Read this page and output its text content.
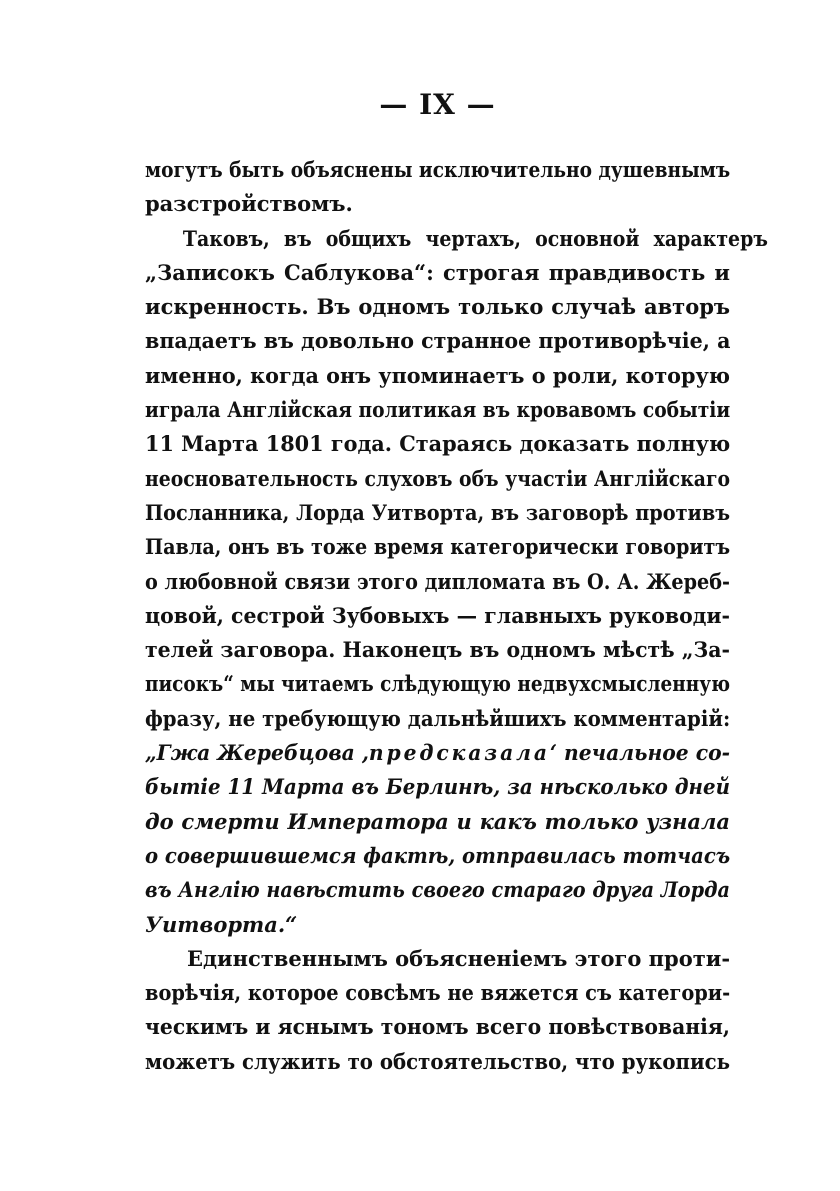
— IX —
могутъ быть объяснены исключительно душевнымъ
разстройствомъ.
Таковъ, въ общихъ чертахъ, основной характеръ
„Записокъ Саблукова“: строгая правдивость и
искренность. Въ одномъ только случаѣ авторъ
впадаетъ въ довольно странное противорѣчіе, а
именно, когда онъ упоминаетъ о роли, которую
играла Англійская политикая въ кровавомъ событіи
11 Марта 1801 года. Стараясь доказать полную
неосновательность слуховъ объ участіи Англійскаго
Посланника, Лорда Уитворта, въ заговорѣ противъ
Павла, онъ въ тоже время категорически говоритъ
о любовной связи этого дипломата въ О. А. Жереб-
цовой, сестрой Зубовыхъ — главныхъ руководи-
телей заговора. Наконецъ въ одномъ мѣстѣ „За-
писокъ“ мы читаемъ слѣдующую недвухсмысленную
фразу, не требующую дальнѣйшихъ комментарій:
„Гжа Жеребцова ,предсказала‘ печальное со-
бытіе 11 Марта въ Берлинѣ, за нѣсколько дней
до смерти Императора и какъ только узнала
о совершившемся фактѣ, отправилась тотчасъ
въ Англію навѣстить своего стараго друга Лорда
Уитворта.“
Единственнымъ объясненіемъ этого проти-
ворѣчія, которое совсѣмъ не вяжется съ категори-
ческимъ и яснымъ тономъ всего повѣствованія,
можетъ служить то обстоятельство, что рукопись
